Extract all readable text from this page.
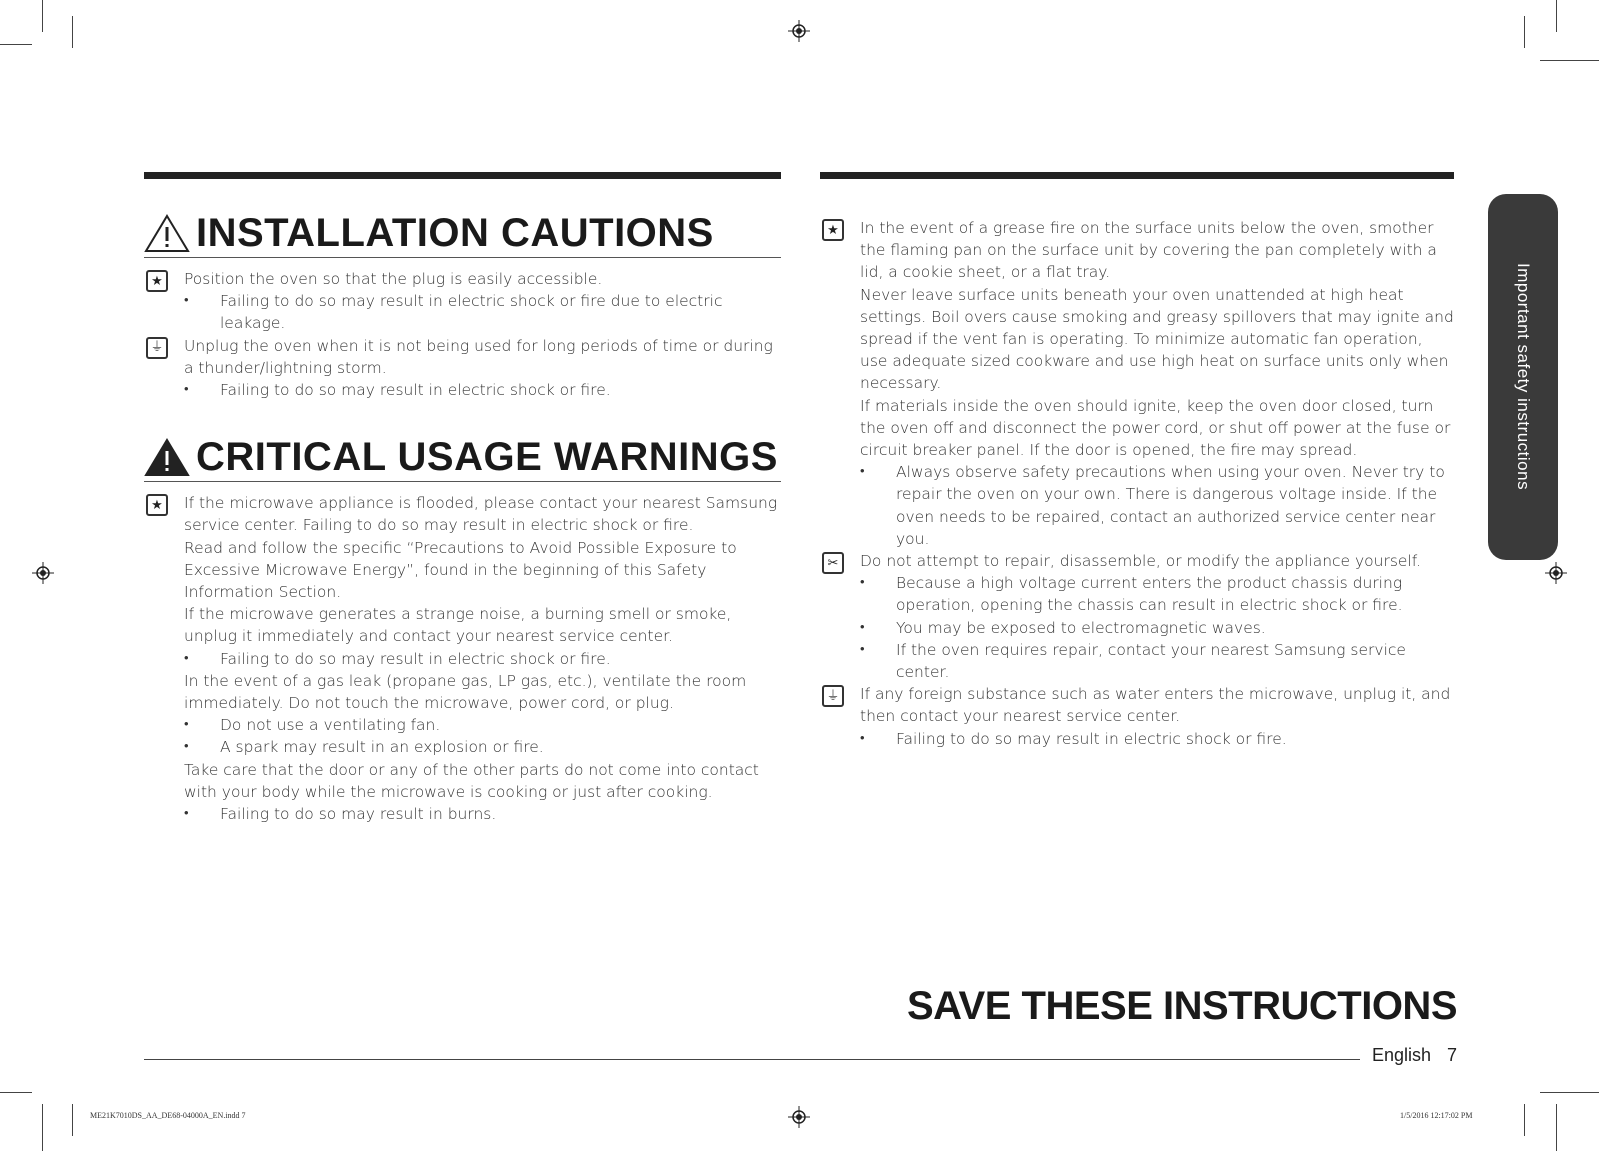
INSTALLATION CAUTIONS
★	Position the oven so that the plug is easily accessible.
• Failing to do so may result in electric shock or fire due to electric leakage.
⏚ Unplug the oven when it is not being used for long periods of time or during a thunder/lightning storm.
• Failing to do so may result in electric shock or fire.
CRITICAL USAGE WARNINGS
★	If the microwave appliance is flooded, please contact your nearest Samsung service center. Failing to do so may result in electric shock or fire.
Read and follow the specific “Precautions to Avoid Possible Exposure to Excessive Microwave Energy”, found in the beginning of this Safety Information Section.
If the microwave generates a strange noise, a burning smell or smoke, unplug it immediately and contact your nearest service center.
• Failing to do so may result in electric shock or fire.
In the event of a gas leak (propane gas, LP gas, etc.), ventilate the room immediately. Do not touch the microwave, power cord, or plug.
• Do not use a ventilating fan.
• A spark may result in an explosion or fire.
Take care that the door or any of the other parts do not come into contact with your body while the microwave is cooking or just after cooking.
• Failing to do so may result in burns.
★	In the event of a grease fire on the surface units below the oven, smother the flaming pan on the surface unit by covering the pan completely with a lid, a cookie sheet, or a flat tray.
Never leave surface units beneath your oven unattended at high heat settings. Boil overs cause smoking and greasy spillovers that may ignite and spread if the vent fan is operating. To minimize automatic fan operation, use adequate sized cookware and use high heat on surface units only when necessary.
If materials inside the oven should ignite, keep the oven door closed, turn the oven off and disconnect the power cord, or shut off power at the fuse or circuit breaker panel. If the door is opened, the fire may spread.
• Always observe safety precautions when using your oven. Never try to repair the oven on your own. There is dangerous voltage inside. If the oven needs to be repaired, contact an authorized service center near you.
✂	Do not attempt to repair, disassemble, or modify the appliance yourself.
• Because a high voltage current enters the product chassis during operation, opening the chassis can result in electric shock or fire.
• You may be exposed to electromagnetic waves.
• If the oven requires repair, contact your nearest Samsung service center.
⏚ If any foreign substance such as water enters the microwave, unplug it, and then contact your nearest service center.
• Failing to do so may result in electric shock or fire.
Important safety instructions
SAVE THESE INSTRUCTIONS
English 7
ME21K7010DS_AA_DE68-04000A_EN.indd 7	1/5/2016 12:17:02 PM
